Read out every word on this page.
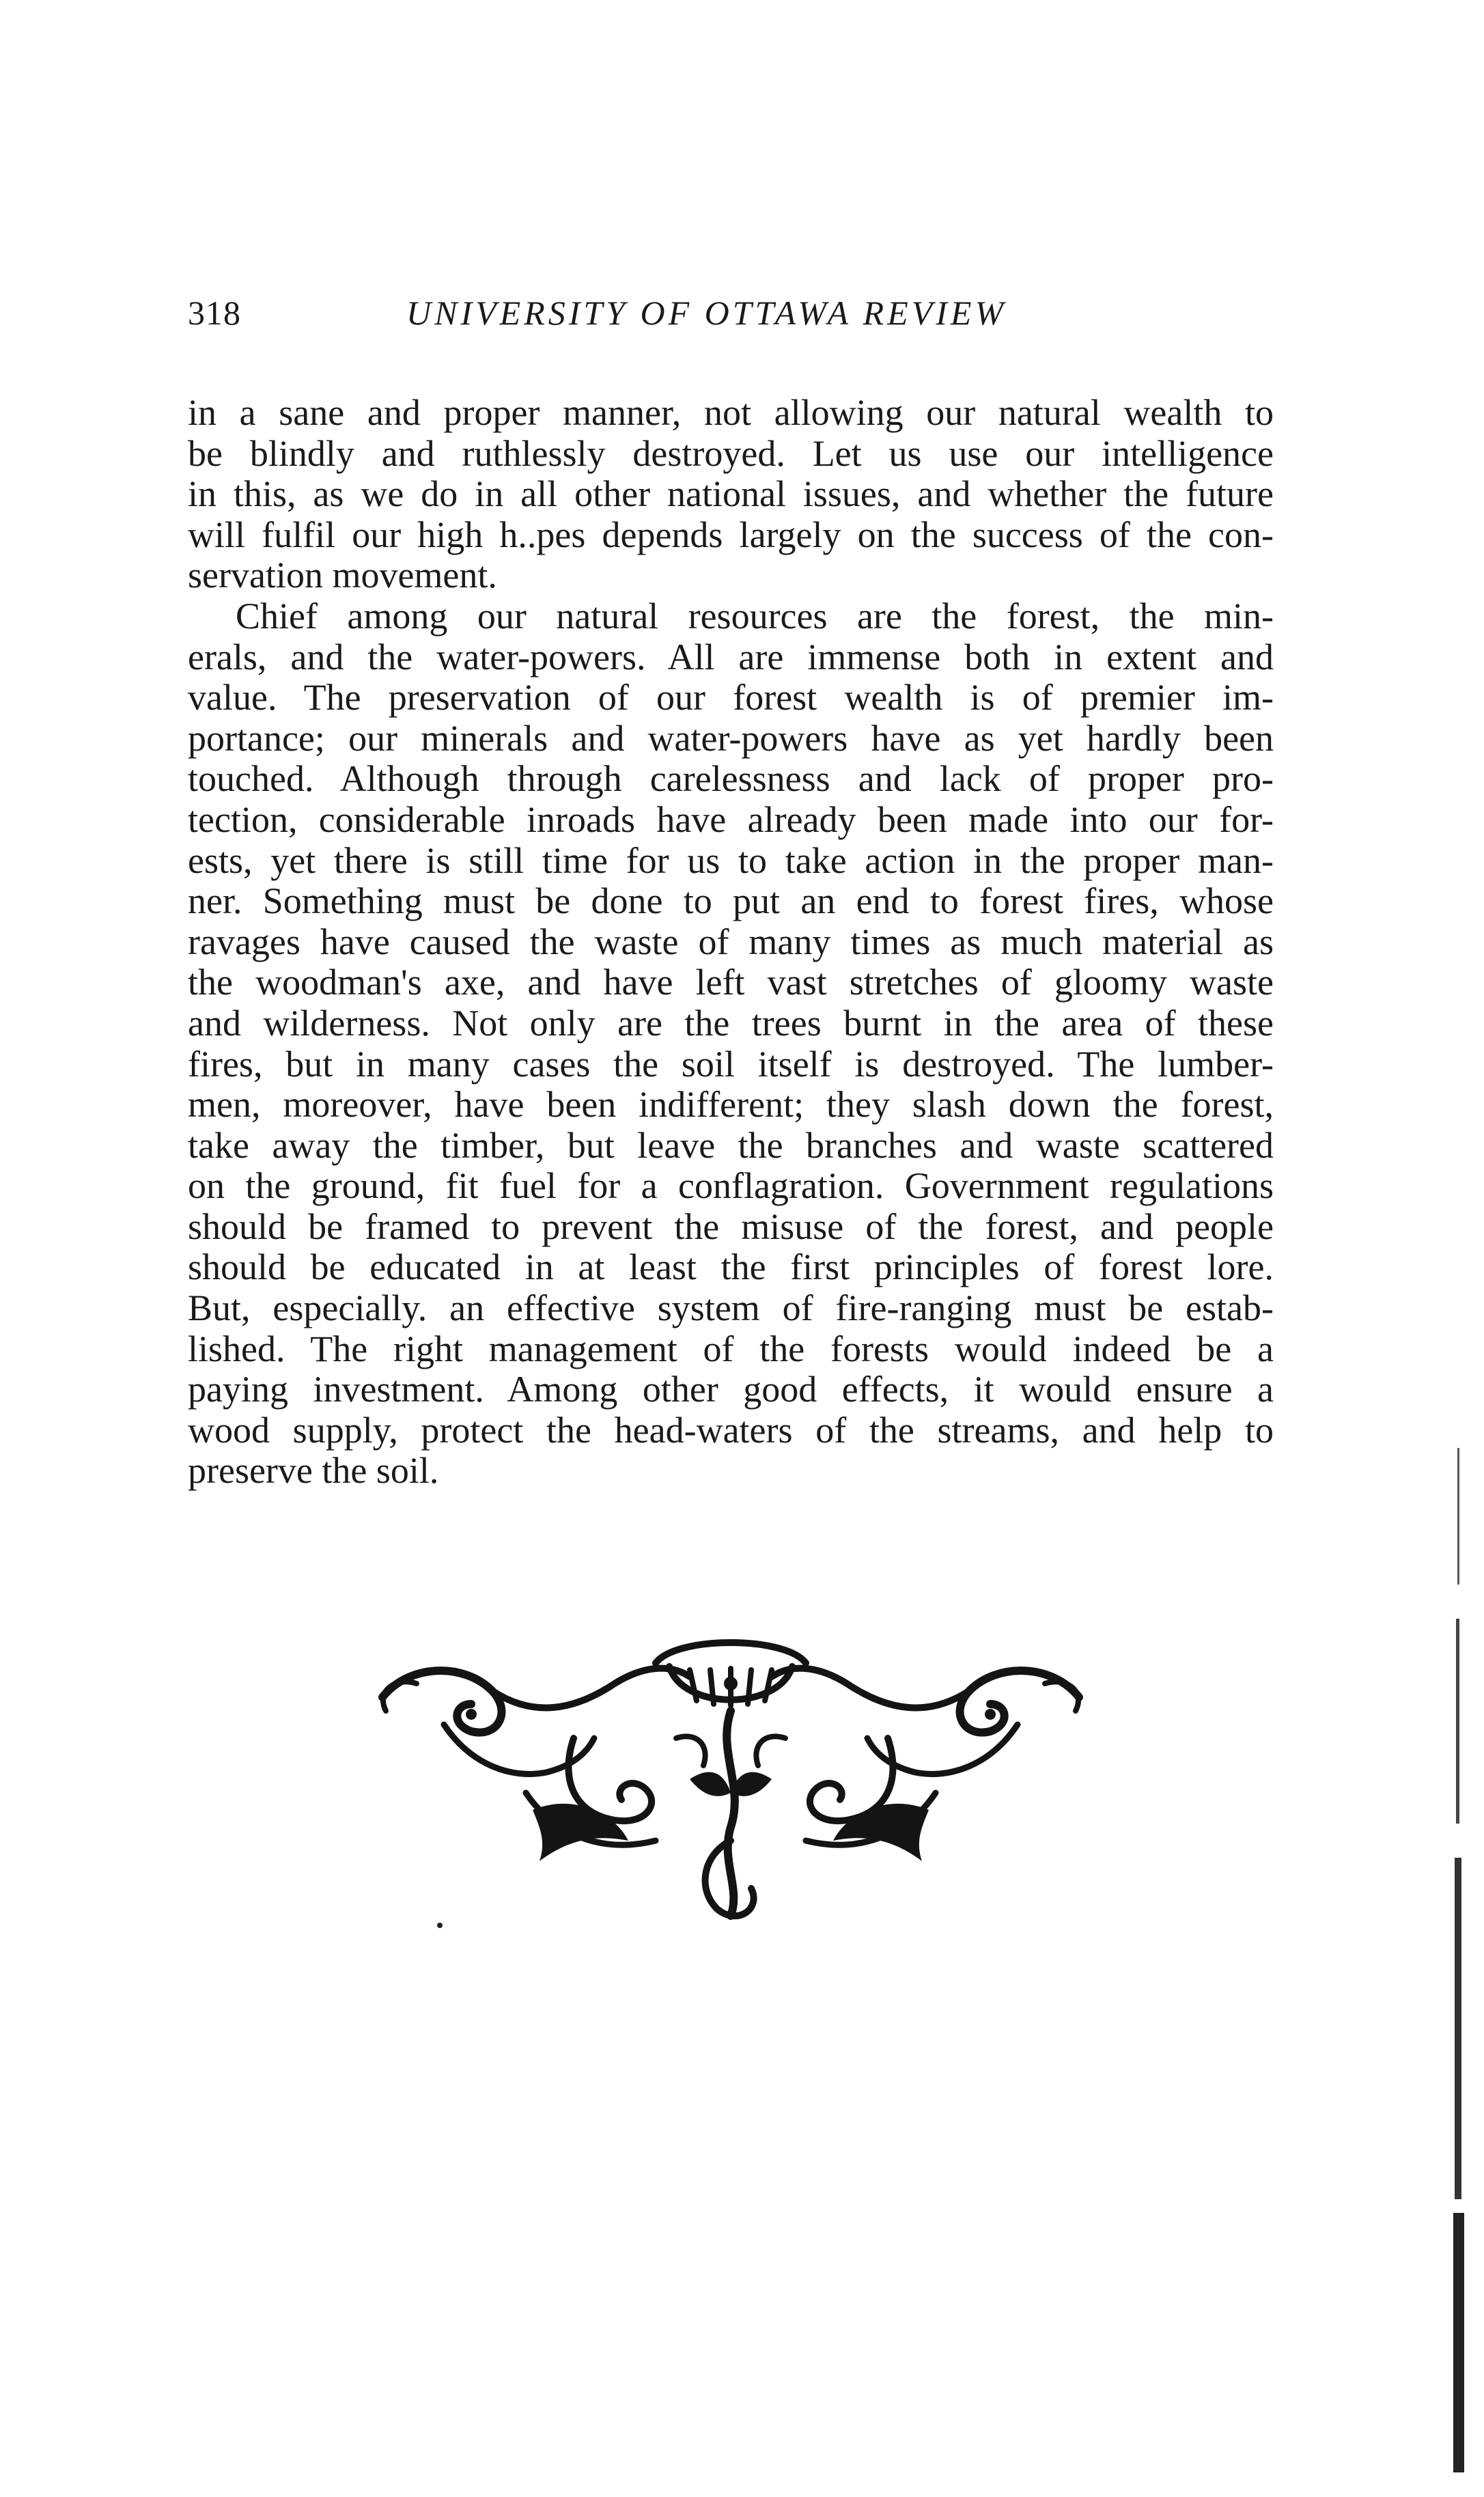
318	UNIVERSITY OF OTTAWA REVIEW
in a sane and proper manner, not allowing our natural wealth to
be blindly and ruthlessly destroyed. Let us use our intelligence
in this, as we do in all other national issues, and whether the future
will fulfil our high h..pes depends largely on the success of the con-
servation movement.
Chief among our natural resources are the forest, the min-
erals, and the water-powers. All are immense both in extent and
value. The preservation of our forest wealth is of premier im-
portance; our minerals and water-powers have as yet hardly been
touched. Although through carelessness and lack of proper pro-
tection, considerable inroads have already been made into our for-
ests, yet there is still time for us to take action in the proper man-
ner. Something must be done to put an end to forest fires, whose
ravages have caused the waste of many times as much material as
the woodman's axe, and have left vast stretches of gloomy waste
and wilderness. Not only are the trees burnt in the area of these
fires, but in many cases the soil itself is destroyed. The lumber-
men, moreover, have been indifferent; they slash down the forest,
take away the timber, but leave the branches and waste scattered
on the ground, fit fuel for a conflagration. Government regulations
should be framed to prevent the misuse of the forest, and people
should be educated in at least the first principles of forest lore.
But, especially. an effective system of fire-ranging must be estab-
lished. The right management of the forests would indeed be a
paying investment. Among other good effects, it would ensure a
wood supply, protect the head-waters of the streams, and help to
preserve the soil.
